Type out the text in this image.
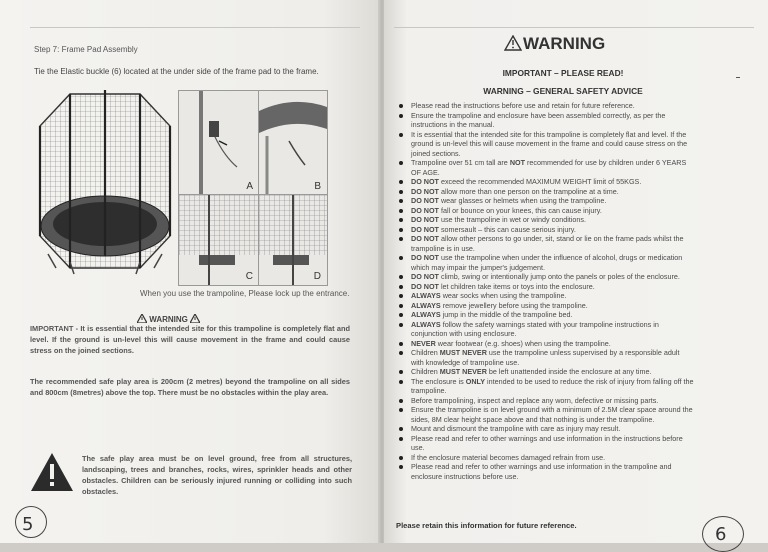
Step 7: Frame Pad Assembly
Tie the Elastic buckle (6) located at the under side of the frame pad to the frame.
A	B
C	D
When you use the trampoline, Please lock up the entrance.
WARNING
IMPORTANT - It is essential that the intended site for this trampoline is completely flat and level. If the ground is un-level this will cause movement in the frame and could cause stress on the joined sections.
The recommended safe play area is 200cm (2 metres) beyond the trampoline on all sides and 800cm (8metres) above the top. There must be no obstacles within the play area.
The safe play area must be on level ground, free from all structures, landscaping, trees and branches, rocks, wires, sprinkler heads and other obstacles. Children can be seriously injured running or colliding into such obstacles.
5
WARNING
IMPORTANT – PLEASE READ!
WARNING – GENERAL SAFETY ADVICE
Please read the instructions before use and retain for future reference.
Ensure the trampoline and enclosure have been assembled correctly, as per the instructions in the manual.
It is essential that the intended site for this trampoline is completely flat and level. If the ground is un-level this will cause movement in the frame and could cause stress on the joined sections.
Trampoline over 51 cm tall are NOT recommended for use by children under 6 YEARS OF AGE.
DO NOT exceed the recommended MAXIMUM WEIGHT limit of 55KGS.
DO NOT allow more than one person on the trampoline at a time.
DO NOT wear glasses or helmets when using the trampoline.
DO NOT fall or bounce on your knees, this can cause injury.
DO NOT use the trampoline in wet or windy conditions.
DO NOT somersault – this can cause serious injury.
DO NOT allow other persons to go under, sit, stand or lie on the frame pads whilst the trampoline is in use.
DO NOT use the trampoline when under the influence of alcohol, drugs or medication which may impair the jumper's judgement.
DO NOT climb, swing or intentionally jump onto the panels or poles of the enclosure.
DO NOT let children take items or toys into the enclosure.
ALWAYS wear socks when using the trampoline.
ALWAYS remove jewellery before using the trampoline.
ALWAYS jump in the middle of the trampoline bed.
ALWAYS follow the safety warnings stated with your trampoline instructions in conjunction with using enclosure.
NEVER wear footwear (e.g. shoes) when using the trampoline.
Children MUST NEVER use the trampoline unless supervised by a responsible adult with knowledge of trampoline use.
Children MUST NEVER be left unattended inside the enclosure at any time.
The enclosure is ONLY intended to be used to reduce the risk of injury from falling off the trampoline.
Before trampolining, inspect and replace any worn, defective or missing parts.
Ensure the trampoline is on level ground with a minimum of 2.5M clear space around the sides, 8M clear height space above and that nothing is under the trampoline.
Mount and dismount the trampoline with care as injury may result.
Please read and refer to other warnings and use information in the instructions before use.
If the enclosure material becomes damaged refrain from use.
Please read and refer to other warnings and use information in the trampoline and enclosure instructions before use.
Please retain this information for future reference.	6
